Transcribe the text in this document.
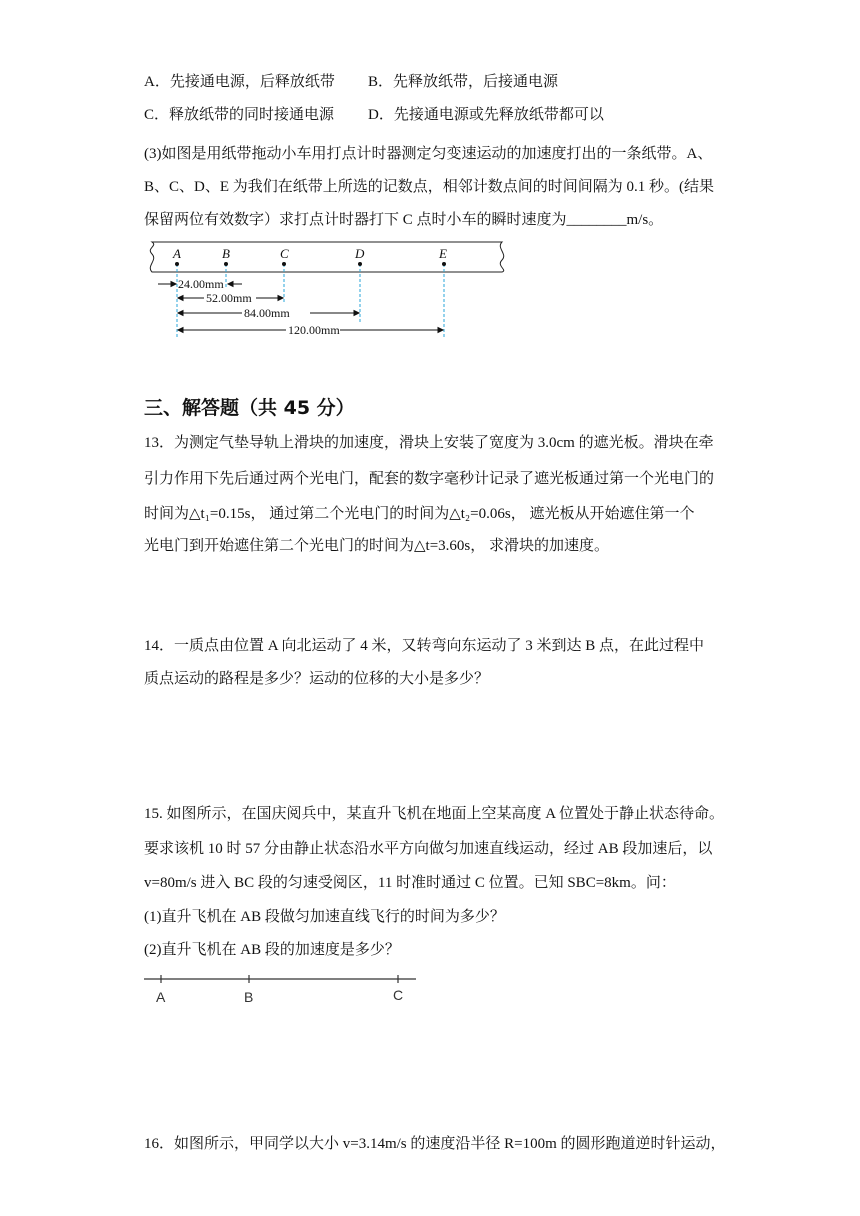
A．先接通电源，后释放纸带 B．先释放纸带，后接通电源
C．释放纸带的同时接通电源 D．先接通电源或先释放纸带都可以
(3)如图是用纸带拖动小车用打点计时器测定匀变速运动的加速度打出的一条纸带。A、
B、C、D、E 为我们在纸带上所选的记数点，相邻计数点间的时间间隔为 0.1 秒。(结果
保留两位有效数字）求打点计时器打下 C 点时小车的瞬时速度为________m/s。
A	B	C	D	E
24.00mm
52.00mm
84.00mm
120.00mm
三、解答题（共 45 分）
13．为测定气垫导轨上滑块的加速度，滑块上安装了宽度为 3.0cm 的遮光板。滑块在牵
引力作用下先后通过两个光电门，配套的数字毫秒计记录了遮光板通过第一个光电门的
时间为△t₁=0.15s， 通过第二个光电门的时间为△t₂=0.06s， 遮光板从开始遮住第一个
光电门到开始遮住第二个光电门的时间为△t=3.60s， 求滑块的加速度。
14．一质点由位置 A 向北运动了 4 米，又转弯向东运动了 3 米到达 B 点，在此过程中
质点运动的路程是多少？运动的位移的大小是多少？
15. 如图所示，在国庆阅兵中，某直升飞机在地面上空某高度 A 位置处于静止状态待命。
要求该机 10 时 57 分由静止状态沿水平方向做匀加速直线运动，经过 AB 段加速后，以
v=80m/s 进入 BC 段的匀速受阅区，11 时准时通过 C 位置。已知 SBC=8km。问：
(1)直升飞机在 AB 段做匀加速直线飞行的时间为多少？
(2)直升飞机在 AB 段的加速度是多少？
A	B	C
16．如图所示，甲同学以大小 v=3.14m/s 的速度沿半径 R=100m 的圆形跑道逆时针运动，
